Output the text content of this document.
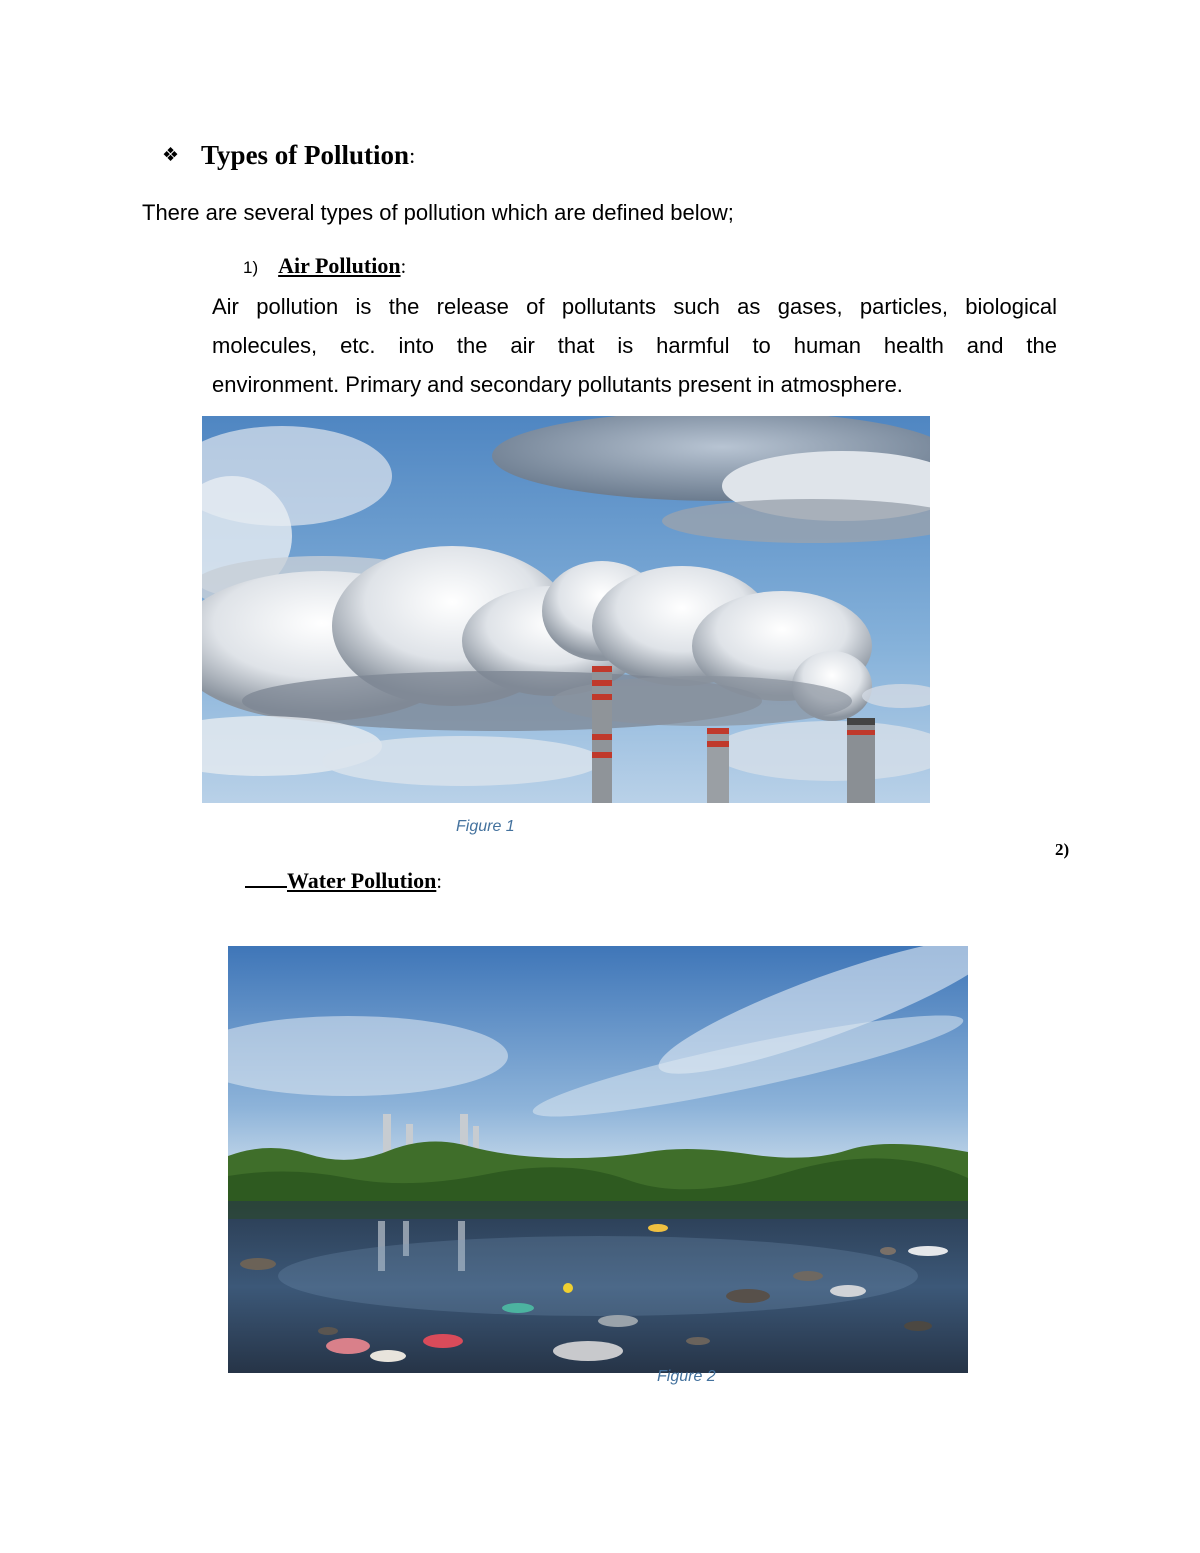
❖ Types of Pollution :
There are several types of pollution which are defined below;
1) Air Pollution :
Air pollution is the release of pollutants such as gases, particles, biological
molecules, etc. into the air that is harmful to human health and the
environment. Primary and secondary pollutants present in atmosphere.
Figure 1
2)
Water Pollution :
Figure 2
